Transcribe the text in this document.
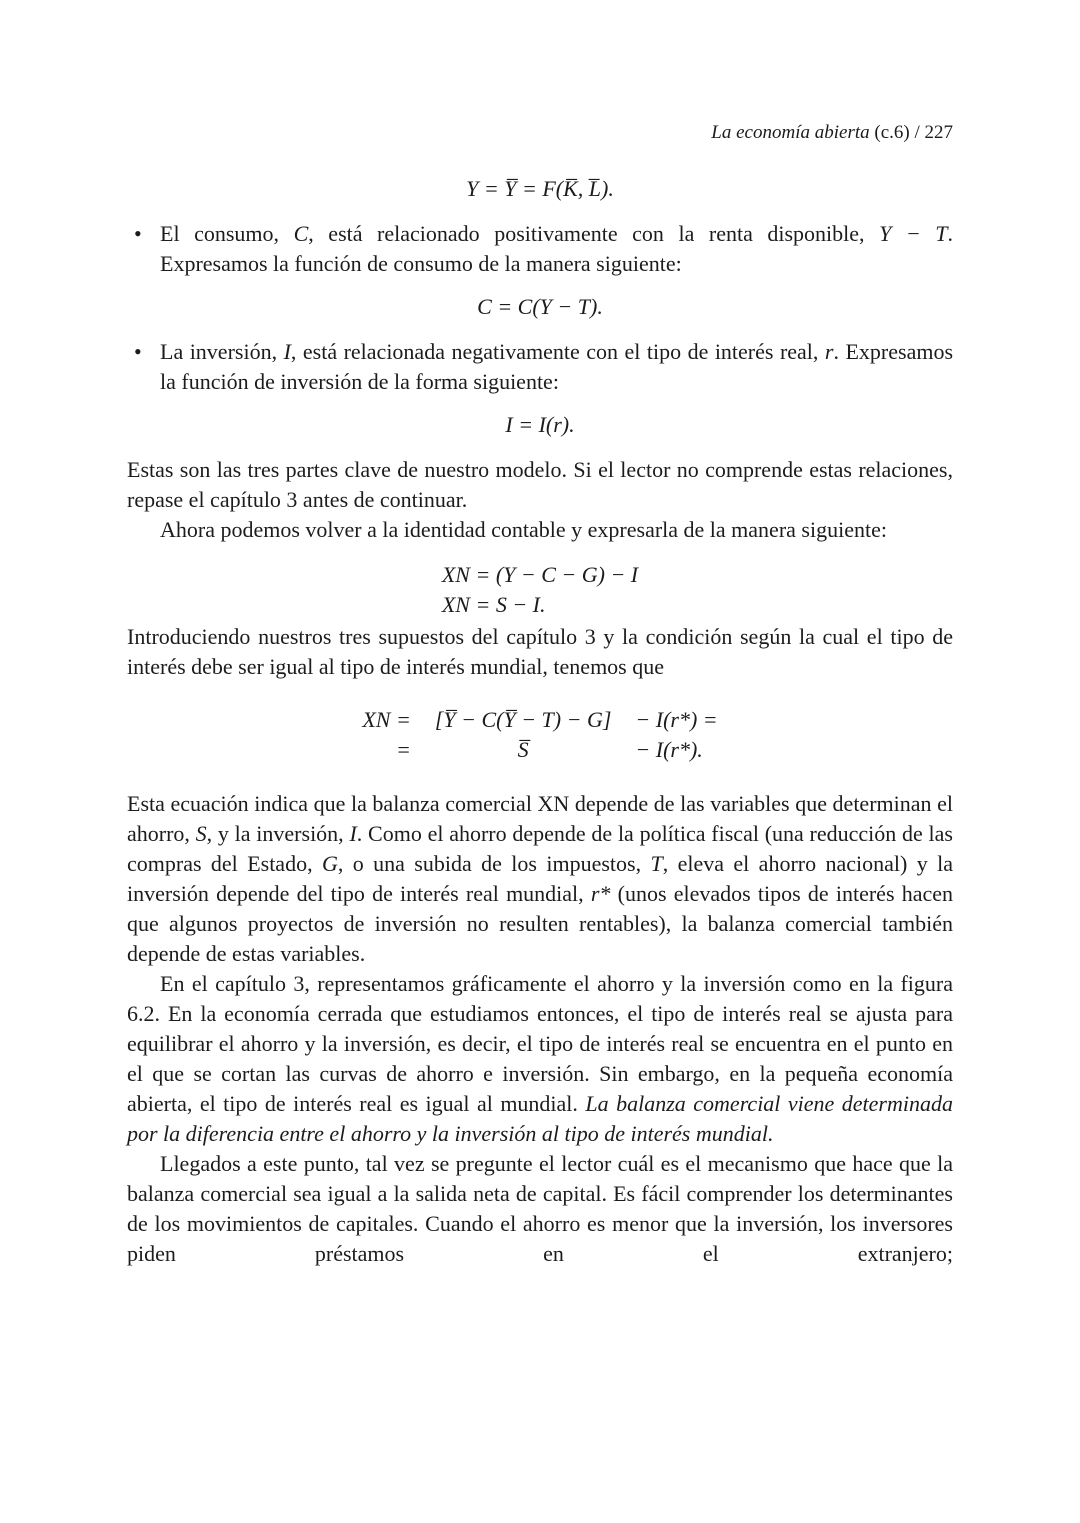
La economía abierta (c.6) / 227
Y = Y̅ = F(K̅, L̅).
• El consumo, C, está relacionado positivamente con la renta disponible, Y − T. Expresamos la función de consumo de la manera siguiente:
C = C(Y − T).
• La inversión, I, está relacionada negativamente con el tipo de interés real, r. Expresamos la función de inversión de la forma siguiente:
I = I(r).
Estas son las tres partes clave de nuestro modelo. Si el lector no comprende estas relaciones, repase el capítulo 3 antes de continuar.
Ahora podemos volver a la identidad contable y expresarla de la manera siguiente:
XN = (Y − C − G) − I
XN = S − I.
Introduciendo nuestros tres supuestos del capítulo 3 y la condición según la cual el tipo de interés debe ser igual al tipo de interés mundial, tenemos que
XN =	[Y̅ − C(Y̅ − T) − G]	− I(r*) =
=	S̅	− I(r*).
Esta ecuación indica que la balanza comercial XN depende de las variables que determinan el ahorro, S, y la inversión, I. Como el ahorro depende de la política fiscal (una reducción de las compras del Estado, G, o una subida de los impuestos, T, eleva el ahorro nacional) y la inversión depende del tipo de interés real mundial, r* (unos elevados tipos de interés hacen que algunos proyectos de inversión no resulten rentables), la balanza comercial también depende de estas variables.
En el capítulo 3, representamos gráficamente el ahorro y la inversión como en la figura 6.2. En la economía cerrada que estudiamos entonces, el tipo de interés real se ajusta para equilibrar el ahorro y la inversión, es decir, el tipo de interés real se encuentra en el punto en el que se cortan las curvas de ahorro e inversión. Sin embargo, en la pequeña economía abierta, el tipo de interés real es igual al mundial. La balanza comercial viene determinada por la diferencia entre el ahorro y la inversión al tipo de interés mundial.
Llegados a este punto, tal vez se pregunte el lector cuál es el mecanismo que hace que la balanza comercial sea igual a la salida neta de capital. Es fácil comprender los determinantes de los movimientos de capitales. Cuando el ahorro es menor que la inversión, los inversores piden préstamos en el extranjero;
